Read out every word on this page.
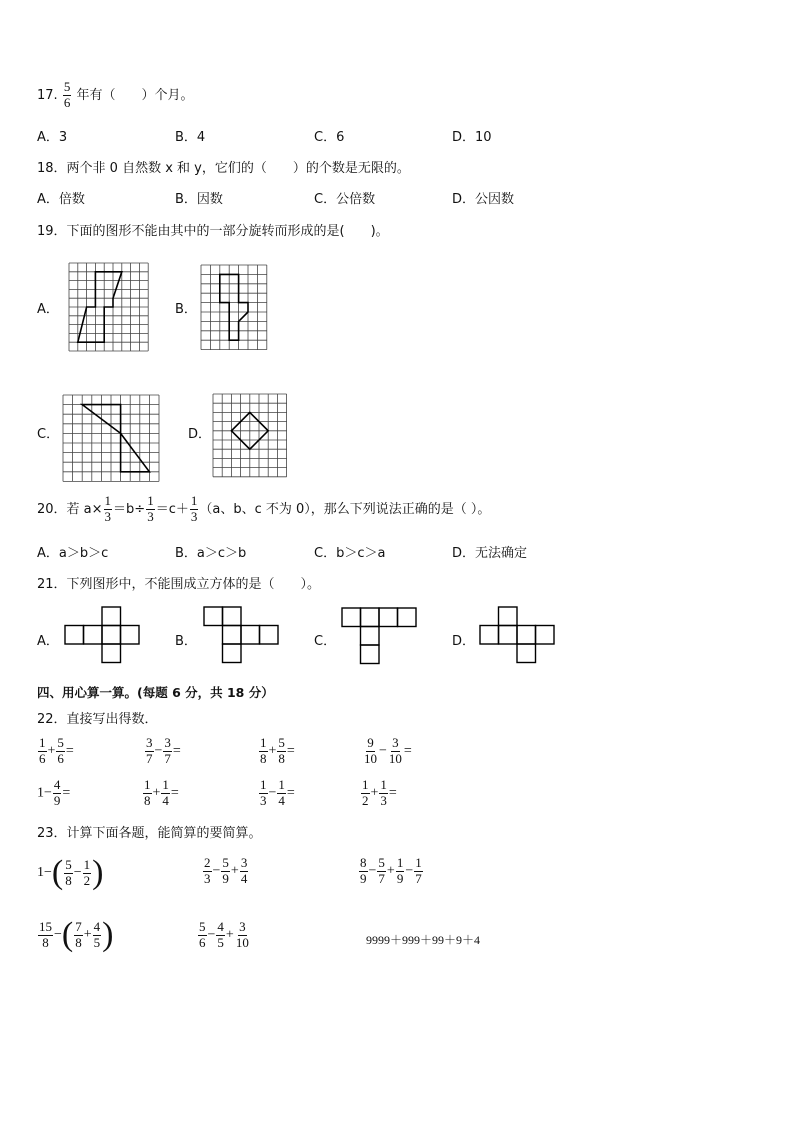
17. $\frac{5}{6}$ 年有（　　）个月。
A．3	B．4	C．6	D．10
18．两个非 0 自然数 x 和 y，它们的（　　）的个数是无限的。
A．倍数	B．因数	C．公倍数	D．公因数
19．下面的图形不能由其中的一部分旋转而形成的是(　　)。
A．	B．
C．	D．
20．若 $a\times \frac{1}{3} =b\div \frac{1}{3} =c+ \frac{1}{3} (a$、b、c 不为 0），那么下列说法正确的是（ ）。
A．a＞b＞c	B．a＞c＞b	C．b＞c＞a	D．无法确定
21．下列图形中，不能围成立方体的是（　　）。
A．	B．	C．	D．
四、用心算一算。(每题 6 分，共 18 分）
22．直接写出得数．
$\frac{1}{6} + \frac{5}{6}$ =	$\frac{3}{7} - \frac{3}{7}$ =	$\frac{1}{8} + \frac{5}{8}$ =	$\frac{9}{10} - \frac{3}{10}$ =
$1- \frac{4}{9}$ =	$\frac{1}{8} + \frac{1}{4}$ =	$\frac{1}{3} - \frac{1}{4}$ =	$\frac{1}{2} + \frac{1}{3}$ =
23．计算下面各题，能简算的要简算。
$1-( \frac{5}{8} - \frac{1}{2}$ )	$\frac{2}{3} - \frac{5}{9} + \frac{3}{4}$	$\frac{8}{9} - \frac{5}{7} + \frac{1}{9} - \frac{1}{7}$
$\frac{15}{8}$ −( $\frac{7}{8} + \frac{4}{5}$ )	$\frac{5}{6} - \frac{4}{5} + \frac{3}{10}$	9999＋999＋99＋9＋4
